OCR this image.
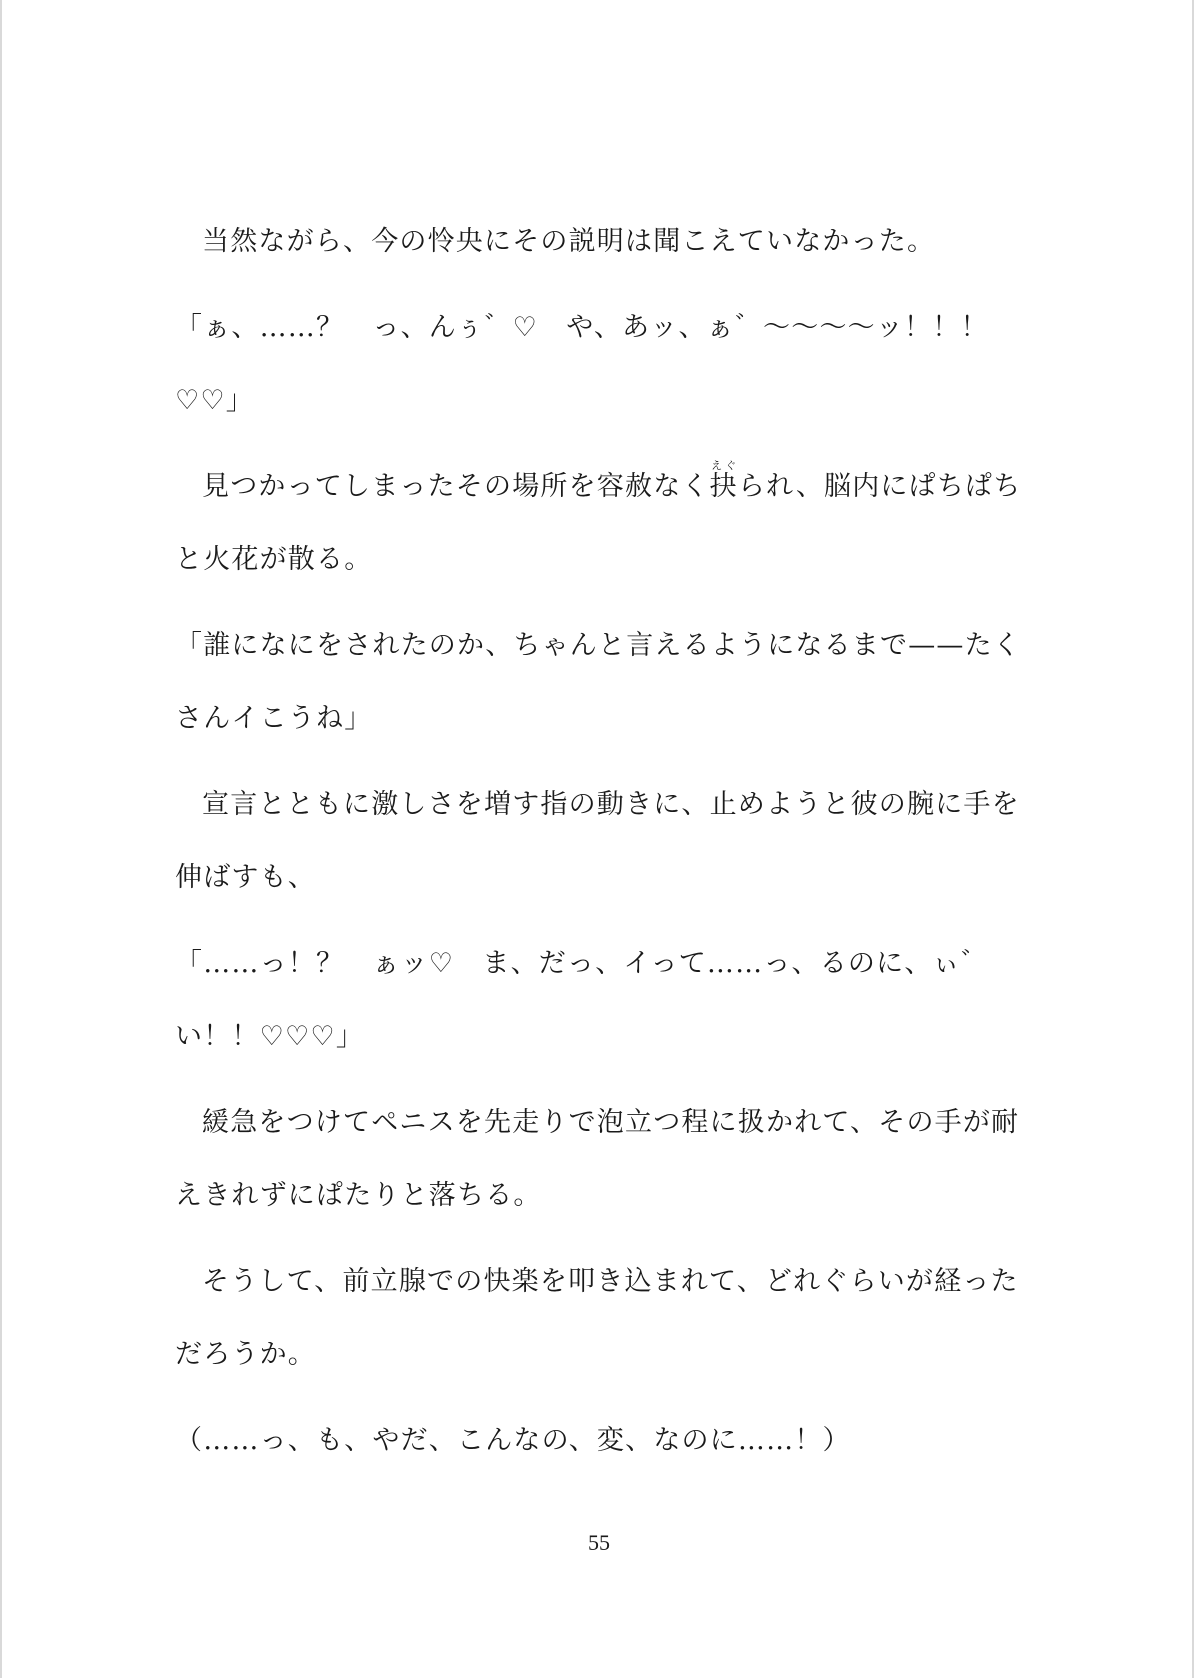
当然ながら、今の怜央にその説明は聞こえていなかった。

「ぁ、……？　っ、んぅ゛♡　や、あッ、ぁ゛〜〜〜〜ッ！！！♡♡」

見つかってしまったその場所を容赦なく抉えぐられ、脳内にぱちぱちと火花が散る。

「誰になにをされたのか、ちゃんと言えるようになるまで——たくさんイこうね」

宣言とともに激しさを増す指の動きに、止めようと彼の腕に手を伸ばすも、

「……っ！？　ぁッ♡　ま、だっ、イって……っ、るのに、ぃ゛い！！♡♡♡」

緩急をつけてペニスを先走りで泡立つ程に扱かれて、その手が耐えきれずにぱたりと落ちる。

そうして、前立腺での快楽を叩き込まれて、どれぐらいが経っただろうか。

（……っ、も、やだ、こんなの、変、なのに……！）

55
